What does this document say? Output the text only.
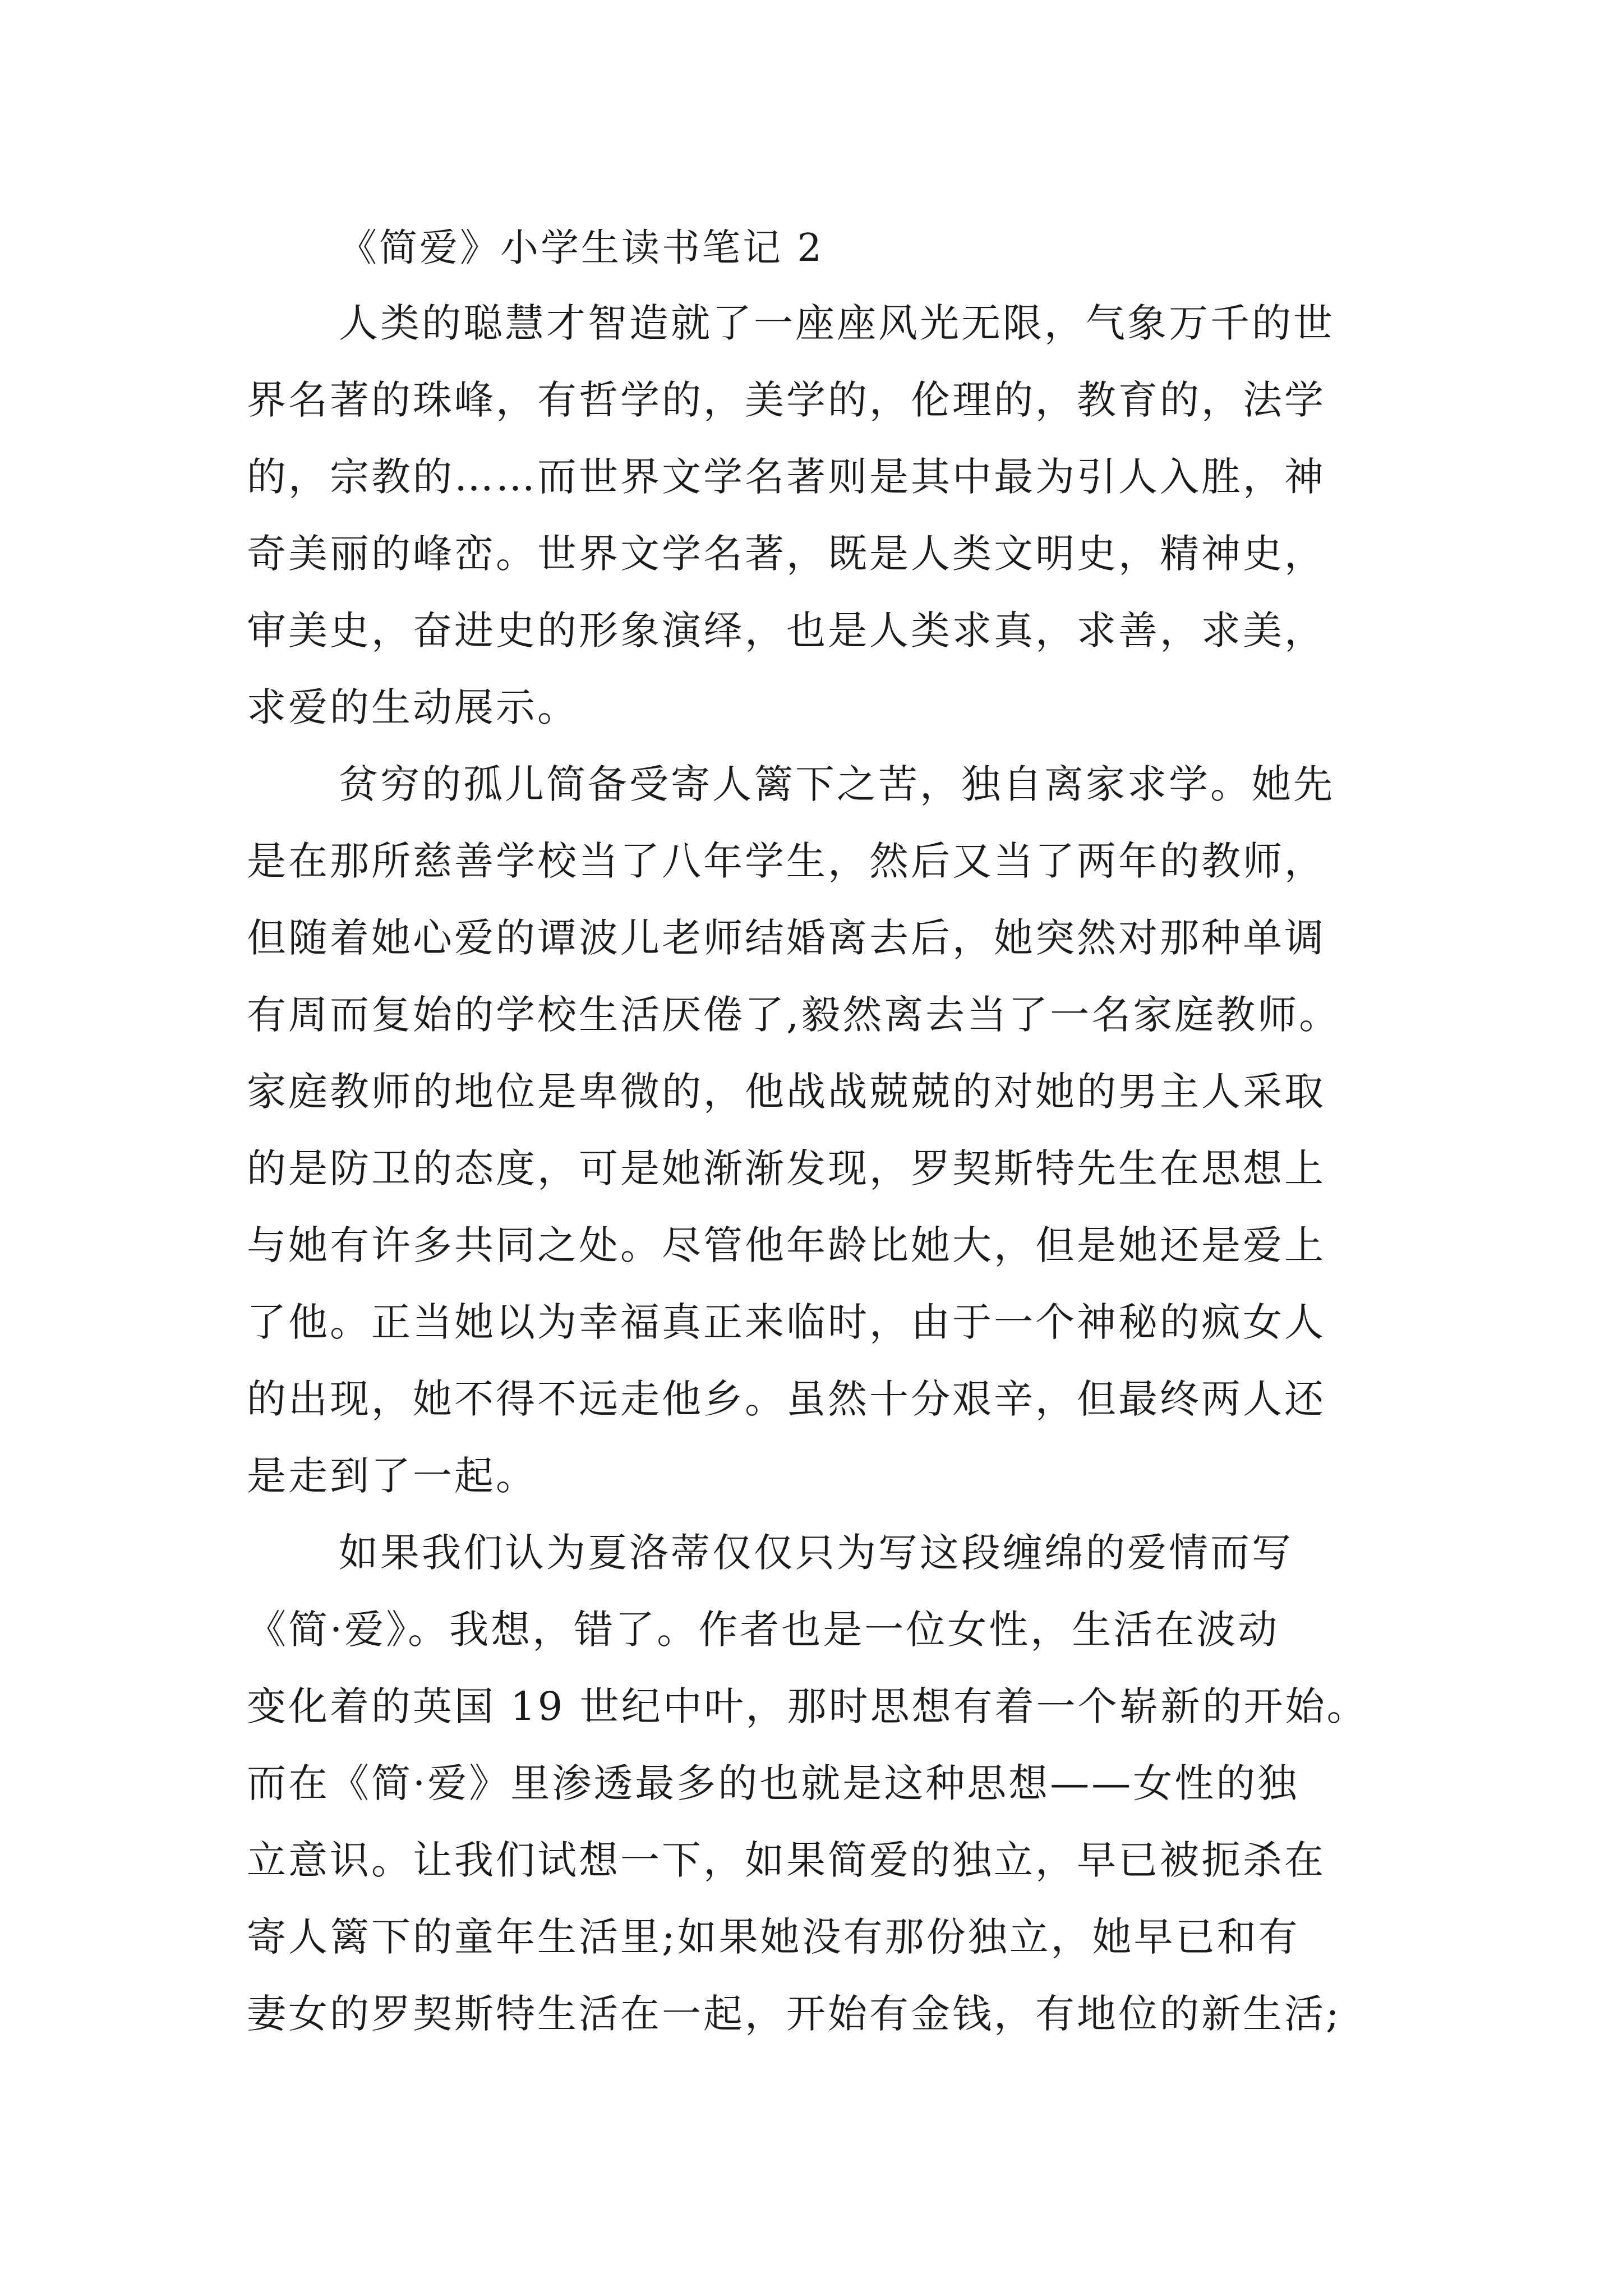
《简爱》小学生读书笔记 2
人类的聪慧才智造就了一座座风光无限，气象万千的世
界名著的珠峰，有哲学的，美学的，伦理的，教育的，法学
的，宗教的……而世界文学名著则是其中最为引人入胜，神
奇美丽的峰峦。世界文学名著，既是人类文明史，精神史，
审美史，奋进史的形象演绎，也是人类求真，求善，求美，
求爱的生动展示。
贫穷的孤儿简备受寄人篱下之苦，独自离家求学。她先
是在那所慈善学校当了八年学生，然后又当了两年的教师，
但随着她心爱的谭波儿老师结婚离去后，她突然对那种单调
有周而复始的学校生活厌倦了,毅然离去当了一名家庭教师。
家庭教师的地位是卑微的，他战战兢兢的对她的男主人采取
的是防卫的态度，可是她渐渐发现，罗契斯特先生在思想上
与她有许多共同之处。尽管他年龄比她大，但是她还是爱上
了他。正当她以为幸福真正来临时，由于一个神秘的疯女人
的出现，她不得不远走他乡。虽然十分艰辛，但最终两人还
是走到了一起。
如果我们认为夏洛蒂仅仅只为写这段缠绵的爱情而写
《简·爱》。我想，错了。作者也是一位女性，生活在波动
变化着的英国 19 世纪中叶，那时思想有着一个崭新的开始。
而在《简·爱》里渗透最多的也就是这种思想——女性的独
立意识。让我们试想一下，如果简爱的独立，早已被扼杀在
寄人篱下的童年生活里;如果她没有那份独立，她早已和有
妻女的罗契斯特生活在一起，开始有金钱，有地位的新生活;
